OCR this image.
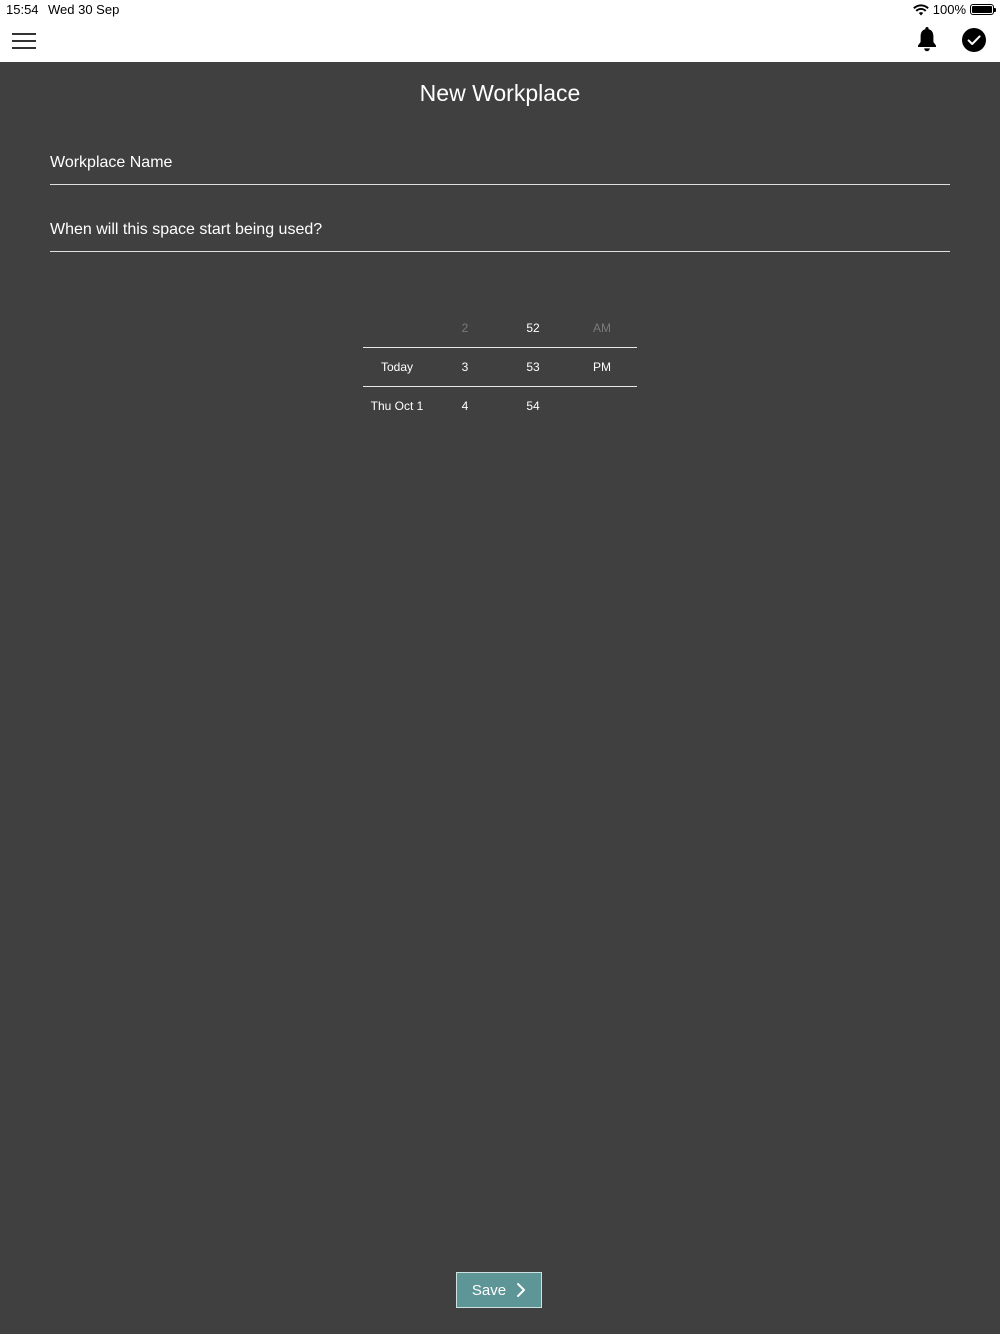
15:54 Wed 30 Sep	100%
New Workplace
Workplace Name
When will this space start being used?
Today
Thu Oct 1
2
3
4
52
53
54
AM
PM
Save
